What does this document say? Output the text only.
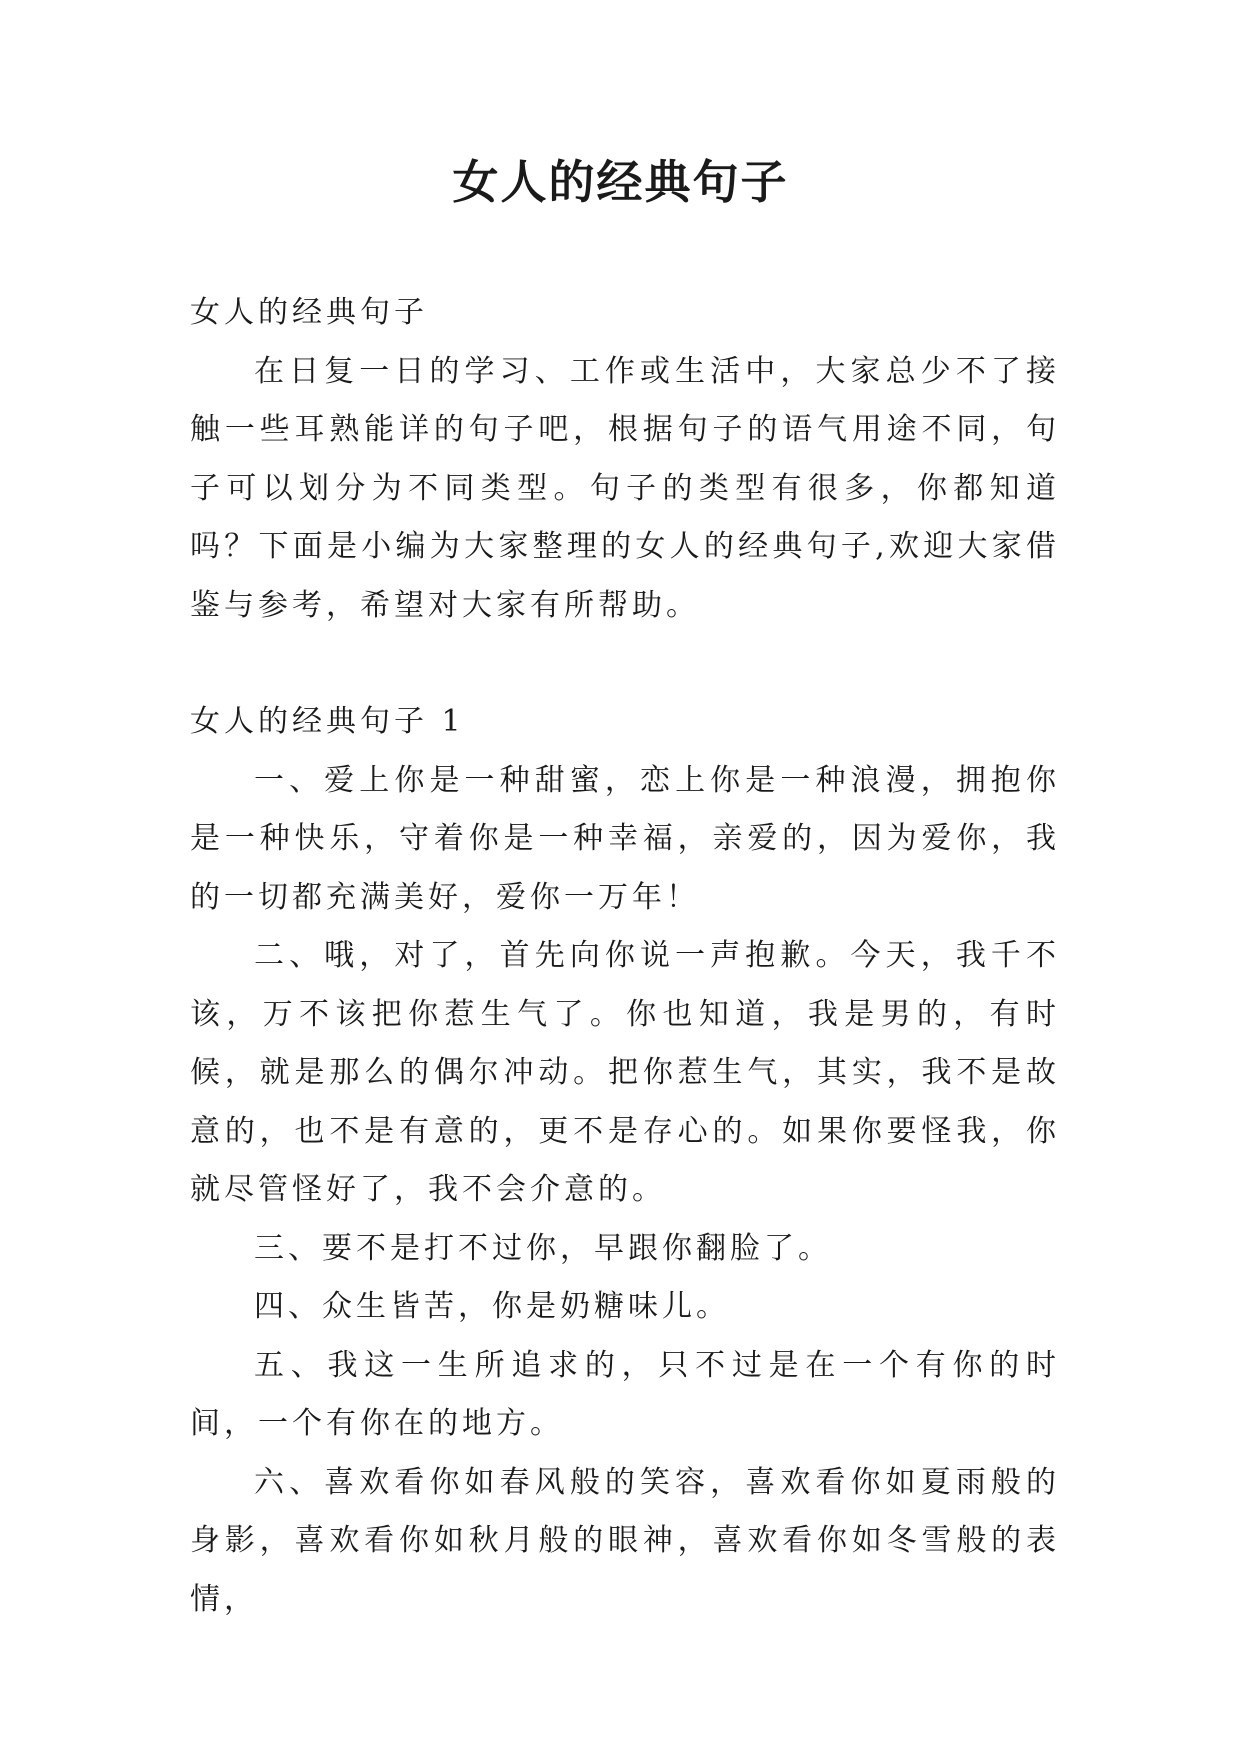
女人的经典句子

女人的经典句子

在日复一日的学习、工作或生活中，大家总少不了接触一些耳熟能详的句子吧，根据句子的语气用途不同，句子可以划分为不同类型。句子的类型有很多，你都知道吗？下面是小编为大家整理的女人的经典句子,欢迎大家借鉴与参考，希望对大家有所帮助。

女人的经典句子 1

一、爱上你是一种甜蜜，恋上你是一种浪漫，拥抱你是一种快乐，守着你是一种幸福，亲爱的，因为爱你，我的一切都充满美好，爱你一万年！

二、哦，对了，首先向你说一声抱歉。今天，我千不该，万不该把你惹生气了。你也知道，我是男的，有时候，就是那么的偶尔冲动。把你惹生气，其实，我不是故意的，也不是有意的，更不是存心的。如果你要怪我，你就尽管怪好了，我不会介意的。

三、要不是打不过你，早跟你翻脸了。

四、众生皆苦，你是奶糖味儿。

五、我这一生所追求的，只不过是在一个有你的时间，一个有你在的地方。

六、喜欢看你如春风般的笑容，喜欢看你如夏雨般的身影，喜欢看你如秋月般的眼神，喜欢看你如冬雪般的表情，
